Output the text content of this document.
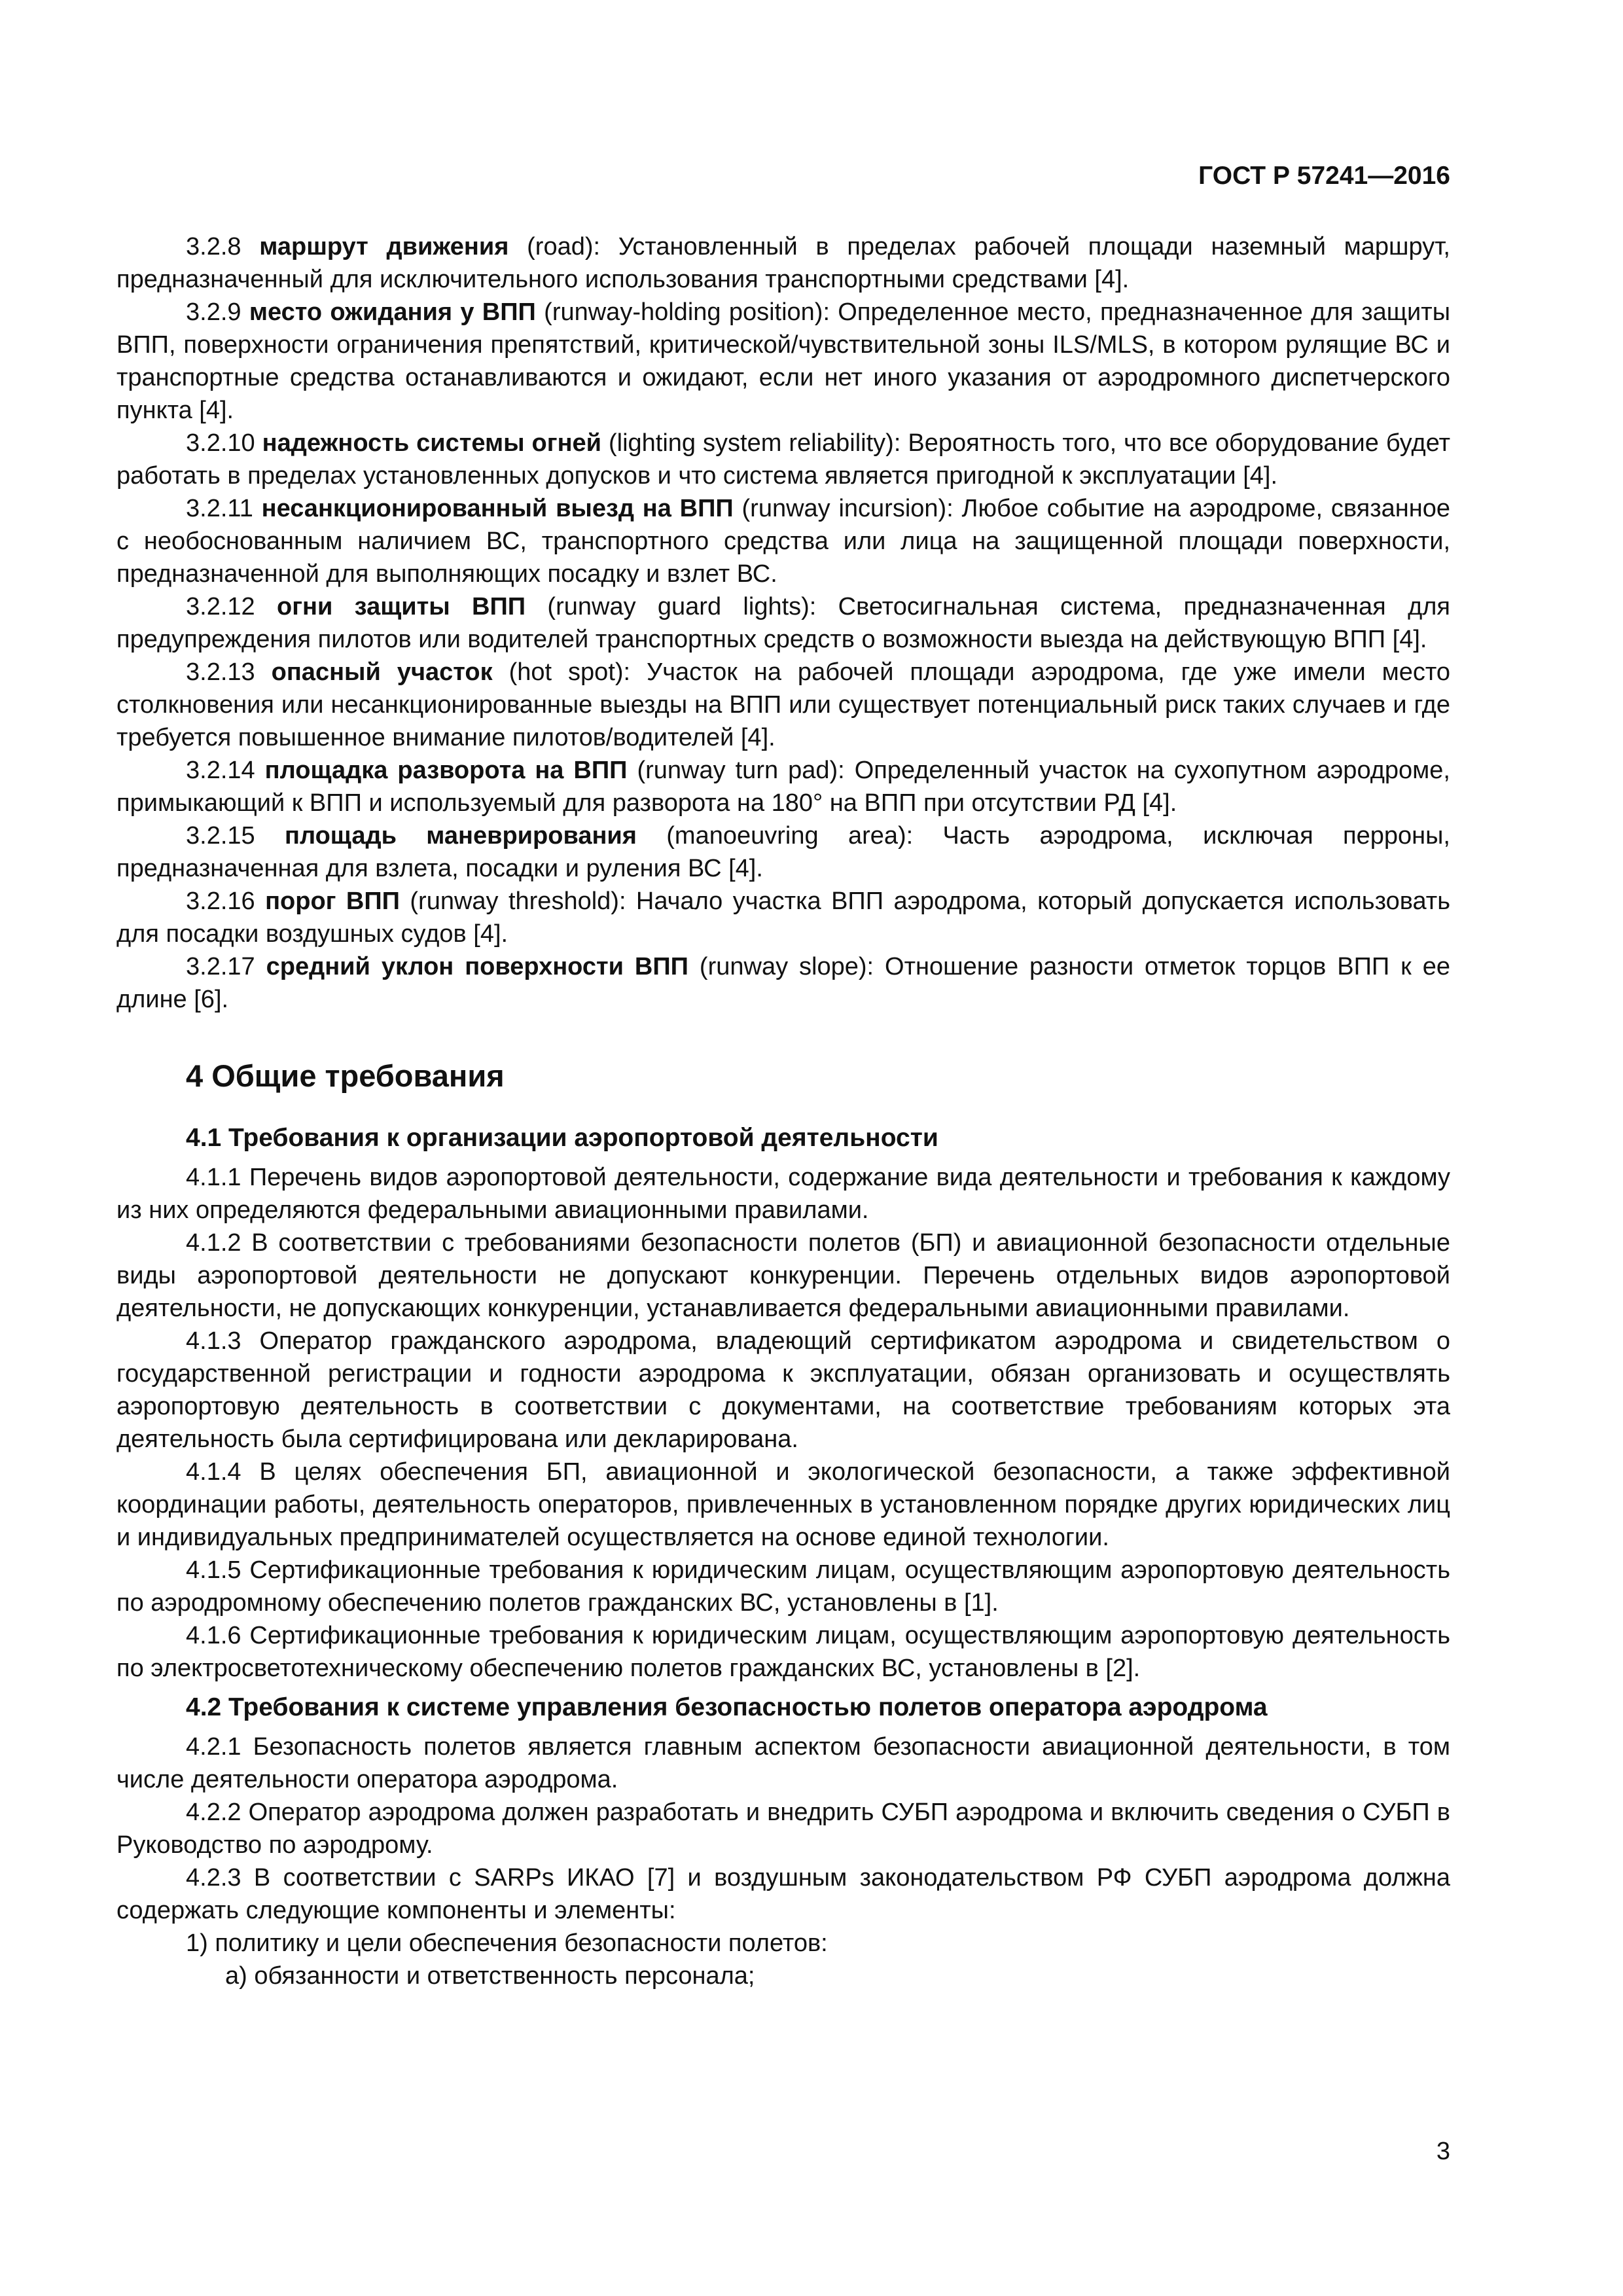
ГОСТ Р 57241—2016

3.2.8 маршрут движения (road): Установленный в пределах рабочей площади наземный маршрут, предназначенный для исключительного использования транспортными средствами [4].

3.2.9 место ожидания у ВПП (runway-holding position): Определенное место, предназначенное для защиты ВПП, поверхности ограничения препятствий, критической/чувствительной зоны ILS/MLS, в котором рулящие ВС и транспортные средства останавливаются и ожидают, если нет иного указания от аэродромного диспетчерского пункта [4].

3.2.10 надежность системы огней (lighting system reliability): Вероятность того, что все оборудование будет работать в пределах установленных допусков и что система является пригодной к эксплуатации [4].

3.2.11 несанкционированный выезд на ВПП (runway incursion): Любое событие на аэродроме, связанное с необоснованным наличием ВС, транспортного средства или лица на защищенной площади поверхности, предназначенной для выполняющих посадку и взлет ВС.

3.2.12 огни защиты ВПП (runway guard lights): Светосигнальная система, предназначенная для предупреждения пилотов или водителей транспортных средств о возможности выезда на действующую ВПП [4].

3.2.13 опасный участок (hot spot): Участок на рабочей площади аэродрома, где уже имели место столкновения или несанкционированные выезды на ВПП или существует потенциальный риск таких случаев и где требуется повышенное внимание пилотов/водителей [4].

3.2.14 площадка разворота на ВПП (runway turn pad): Определенный участок на сухопутном аэродроме, примыкающий к ВПП и используемый для разворота на 180° на ВПП при отсутствии РД [4].

3.2.15 площадь маневрирования (manoeuvring area): Часть аэродрома, исключая перроны, предназначенная для взлета, посадки и руления ВС [4].

3.2.16 порог ВПП (runway threshold): Начало участка ВПП аэродрома, который допускается использовать для посадки воздушных судов [4].

3.2.17 средний уклон поверхности ВПП (runway slope): Отношение разности отметок торцов ВПП к ее длине [6].

4 Общие требования
4.1 Требования к организации аэропортовой деятельности

4.1.1 Перечень видов аэропортовой деятельности, содержание вида деятельности и требования к каждому из них определяются федеральными авиационными правилами.

4.1.2 В соответствии с требованиями безопасности полетов (БП) и авиационной безопасности отдельные виды аэропортовой деятельности не допускают конкуренции. Перечень отдельных видов аэропортовой деятельности, не допускающих конкуренции, устанавливается федеральными авиационными правилами.

4.1.3 Оператор гражданского аэродрома, владеющий сертификатом аэродрома и свидетельством о государственной регистрации и годности аэродрома к эксплуатации, обязан организовать и осуществлять аэропортовую деятельность в соответствии с документами, на соответствие требованиям которых эта деятельность была сертифицирована или декларирована.

4.1.4 В целях обеспечения БП, авиационной и экологической безопасности, а также эффективной координации работы, деятельность операторов, привлеченных в установленном порядке других юридических лиц и индивидуальных предпринимателей осуществляется на основе единой технологии.

4.1.5 Сертификационные требования к юридическим лицам, осуществляющим аэропортовую деятельность по аэродромному обеспечению полетов гражданских ВС, установлены в [1].

4.1.6 Сертификационные требования к юридическим лицам, осуществляющим аэропортовую деятельность по электросветотехническому обеспечению полетов гражданских ВС, установлены в [2].

4.2 Требования к системе управления безопасностью полетов оператора аэродрома

4.2.1 Безопасность полетов является главным аспектом безопасности авиационной деятельности, в том числе деятельности оператора аэродрома.

4.2.2 Оператор аэродрома должен разработать и внедрить СУБП аэродрома и включить сведения о СУБП в Руководство по аэродрому.

4.2.3 В соответствии с SARPs ИКАО [7] и воздушным законодательством РФ СУБП аэродрома должна содержать следующие компоненты и элементы:

1) политику и цели обеспечения безопасности полетов:

а) обязанности и ответственность персонала;

3
